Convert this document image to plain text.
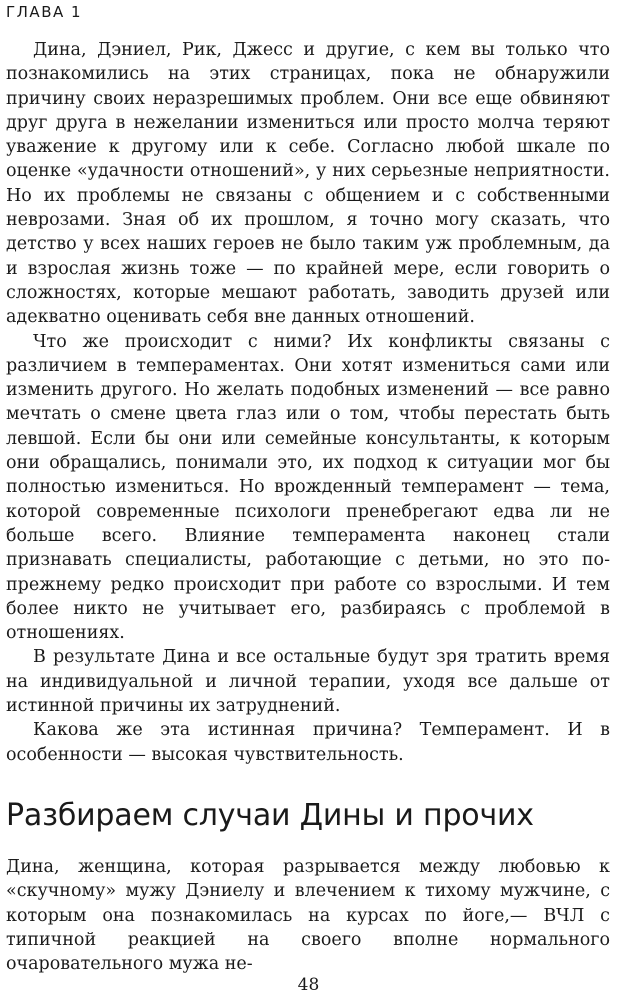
ГЛАВА 1

Дина, Дэниел, Рик, Джесс и другие, с кем вы только что познакомились на этих страницах, пока не обнаружили причину своих неразрешимых проблем. Они все еще обвиняют друг друга в нежелании измениться или просто молча теряют уважение к другому или к себе. Согласно любой шкале по оценке «удачности отношений», у них серьезные неприятности. Но их проблемы не связаны с общением и с собственными неврозами. Зная об их прошлом, я точно могу сказать, что детство у всех наших героев не было таким уж проблемным, да и взрослая жизнь тоже — по крайней мере, если говорить о сложностях, которые мешают работать, заводить друзей или адекватно оценивать себя вне данных отношений.

Что же происходит с ними? Их конфликты связаны с различием в темпераментах. Они хотят измениться сами или изменить другого. Но желать подобных изменений — все равно мечтать о смене цвета глаз или о том, чтобы перестать быть левшой. Если бы они или семейные консультанты, к которым они обращались, понимали это, их подход к ситуации мог бы полностью измениться. Но врожденный темперамент — тема, которой современные психологи пренебрегают едва ли не больше всего. Влияние темперамента наконец стали признавать специалисты, работающие с детьми, но это по-прежнему редко происходит при работе со взрослыми. И тем более никто не учитывает его, разбираясь с проблемой в отношениях.

В результате Дина и все остальные будут зря тратить время на индивидуальной и личной терапии, уходя все дальше от истинной причины их затруднений.

Какова же эта истинная причина? Темперамент. И в особенности — высокая чувствительность.

Разбираем случаи Дины и прочих

Дина, женщина, которая разрывается между любовью к «скучному» мужу Дэниелу и влечением к тихому мужчине, с которым она познакомилась на курсах по йоге,— ВЧЛ с типичной реакцией на своего вполне нормального очаровательного мужа не-

48
